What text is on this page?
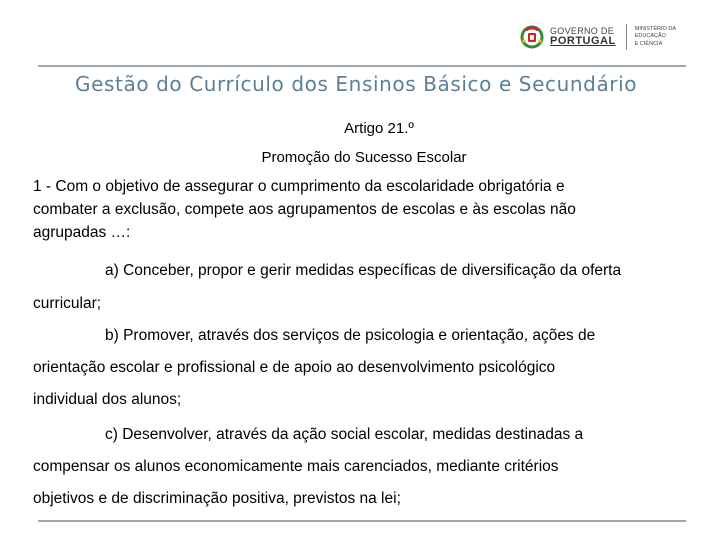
GOVERNO DE
PORTUGAL
MINISTÉRIO DA EDUCAÇÃO
E CIÊNCIA
Gestão do Currículo dos Ensinos Básico e Secundário
Artigo 21.º
Promoção do Sucesso Escolar
1 - Com o objetivo de assegurar o cumprimento da escolaridade obrigatória e
combater a exclusão, compete aos agrupamentos de escolas e às escolas não
agrupadas …:
a) Conceber, propor e gerir medidas específicas de diversificação da oferta
curricular;
b) Promover, através dos serviços de psicologia e orientação, ações de
orientação escolar e profissional e de apoio ao desenvolvimento psicológico
individual dos alunos;
c) Desenvolver, através da ação social escolar, medidas destinadas a
compensar os alunos economicamente mais carenciados, mediante critérios
objetivos e de discriminação positiva, previstos na lei;
